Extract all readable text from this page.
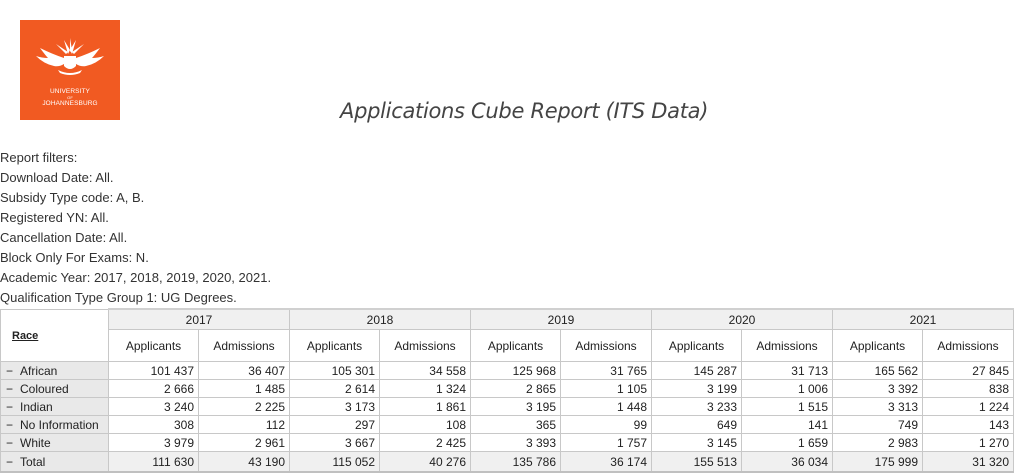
UNIVERSITY
OF
JOHANNESBURG	Applications Cube Report (ITS Data)
Report filters:
Download Date: All.
Subsidy Type code: A, B.
Registered YN: All.
Cancellation Date: All.
Block Only For Exams: N.
Academic Year: 2017, 2018, 2019, 2020, 2021.
Qualification Type Group 1: UG Degrees.
Race	2017		2018		2019		2020		2021	
	Applicants	Admissions	Applicants	Admissions	Applicants	Admissions	Applicants	Admissions	Applicants	Admissions
− African	101 437	36 407	105 301	34 558	125 968	31 765	145 287	31 713	165 562	27 845
− Coloured	2 666	1 485	2 614	1 324	2 865	1 105	3 199	1 006	3 392	838
− Indian	3 240	2 225	3 173	1 861	3 195	1 448	3 233	1 515	3 313	1 224
− No Information	308	112	297	108	365	99	649	141	749	143
− White	3 979	2 961	3 667	2 425	3 393	1 757	3 145	1 659	2 983	1 270
− Total	111 630	43 190	115 052	40 276	135 786	36 174	155 513	36 034	175 999	31 320
